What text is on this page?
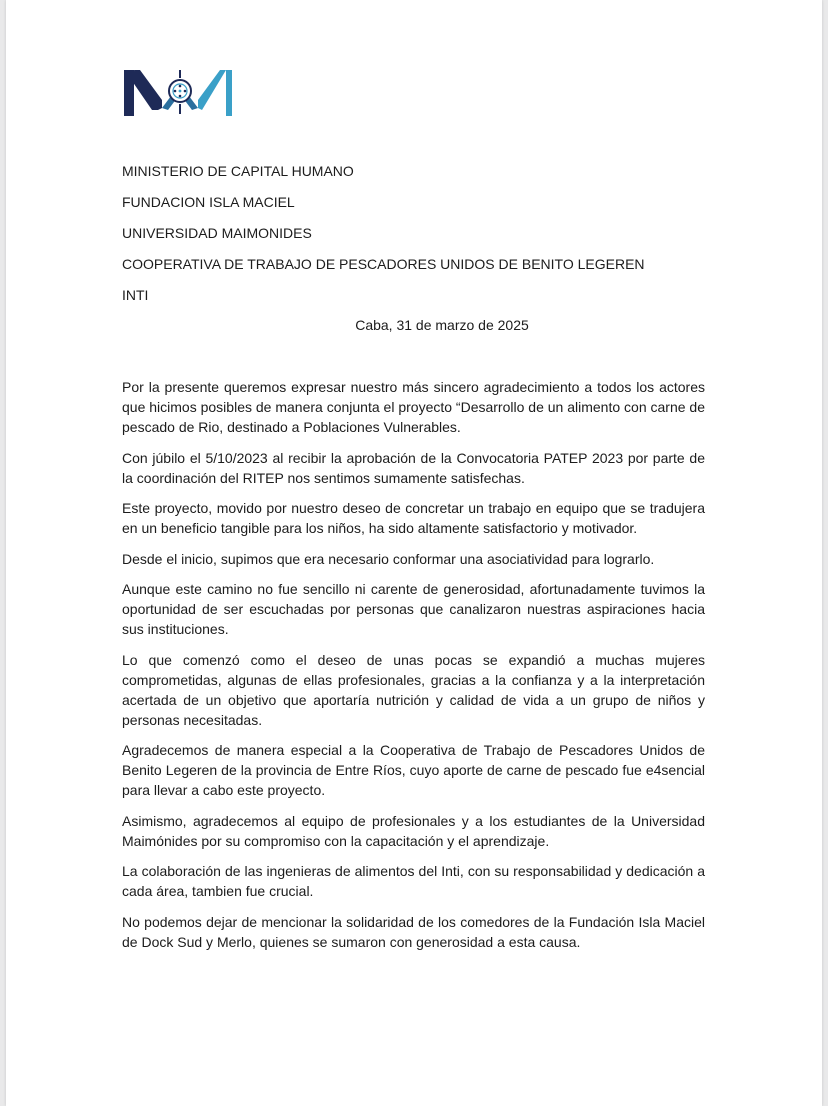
MINISTERIO DE CAPITAL HUMANO
FUNDACION ISLA MACIEL
UNIVERSIDAD MAIMONIDES
COOPERATIVA DE TRABAJO DE PESCADORES UNIDOS DE BENITO LEGEREN
INTI
Caba, 31 de marzo de 2025

Por la presente queremos expresar nuestro más sincero agradecimiento a todos los actores que hicimos posibles de manera conjunta el proyecto “Desarrollo de un alimento con carne de pescado de Rio, destinado a Poblaciones Vulnerables.

Con júbilo el 5/10/2023 al recibir la aprobación de la Convocatoria PATEP 2023 por parte de la coordinación del RITEP nos sentimos sumamente satisfechas.

Este proyecto, movido por nuestro deseo de concretar un trabajo en equipo que se tradujera en un beneficio tangible para los niños, ha sido altamente satisfactorio y motivador.

Desde el inicio, supimos que era necesario conformar una asociatividad para lograrlo.

Aunque este camino no fue sencillo ni carente de generosidad, afortunadamente tuvimos la oportunidad de ser escuchadas por personas que canalizaron nuestras aspiraciones hacia sus instituciones.

Lo que comenzó como el deseo de unas pocas se expandió a muchas mujeres comprometidas, algunas de ellas profesionales, gracias a la confianza y a la interpretación acertada de un objetivo que aportaría nutrición y calidad de vida a un grupo de niños y personas necesitadas.

Agradecemos de manera especial a la Cooperativa de Trabajo de Pescadores Unidos de Benito Legeren de la provincia de Entre Ríos, cuyo aporte de carne de pescado fue e4sencial para llevar a cabo este proyecto.

Asimismo, agradecemos al equipo de profesionales y a los estudiantes de la Universidad Maimónides por su compromiso con la capacitación y el aprendizaje.

La colaboración de las ingenieras de alimentos del Inti, con su responsabilidad y dedicación a cada área, tambien fue crucial.

No podemos dejar de mencionar la solidaridad de los comedores de la Fundación Isla Maciel de Dock Sud y Merlo, quienes se sumaron con generosidad a esta causa.
